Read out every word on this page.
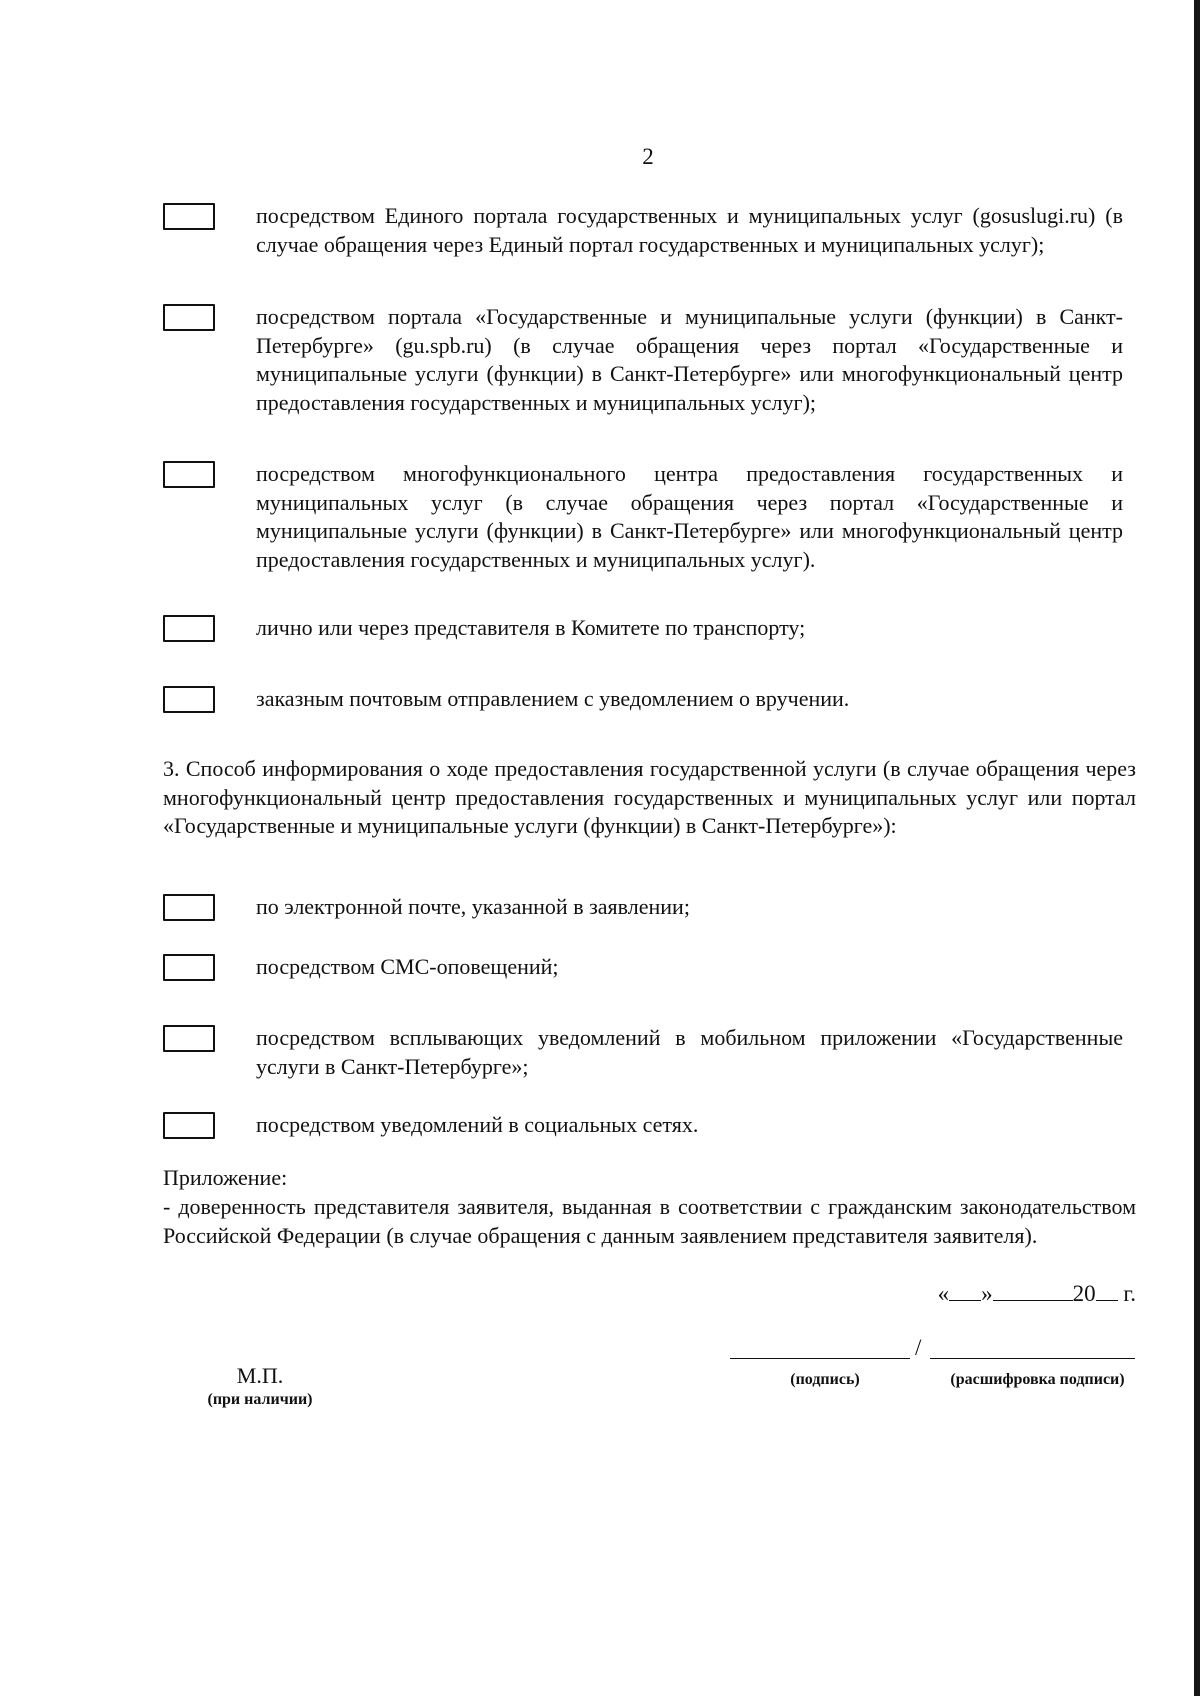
2
посредством Единого портала государственных и муниципальных услуг (gosuslugi.ru) (в случае обращения через Единый портал государственных и муниципальных услуг);
посредством портала «Государственные и муниципальные услуги (функции) в Санкт-Петербурге» (gu.spb.ru) (в случае обращения через портал «Государственные и муниципальные услуги (функции) в Санкт-Петербурге» или многофункциональный центр предоставления государственных и муниципальных услуг);
посредством многофункционального центра предоставления государственных и муниципальных услуг (в случае обращения через портал «Государственные и муниципальные услуги (функции) в Санкт-Петербурге» или многофункциональный центр предоставления государственных и муниципальных услуг).
лично или через представителя в Комитете по транспорту;
заказным почтовым отправлением с уведомлением о вручении.
3. Способ информирования о ходе предоставления государственной услуги (в случае обращения через многофункциональный центр предоставления государственных и муниципальных услуг или портал «Государственные и муниципальные услуги (функции) в Санкт-Петербурге»):
по электронной почте, указанной в заявлении;
посредством СМС-оповещений;
посредством всплывающих уведомлений в мобильном приложении «Государственные услуги в Санкт-Петербурге»;
посредством уведомлений в социальных сетях.
Приложение:
- доверенность представителя заявителя, выданная в соответствии с гражданским законодательством Российской Федерации (в случае обращения с данным заявлением представителя заявителя).
« »	20 г.
/
(подпись)	(расшифровка подписи)
М.П.
(при наличии)
